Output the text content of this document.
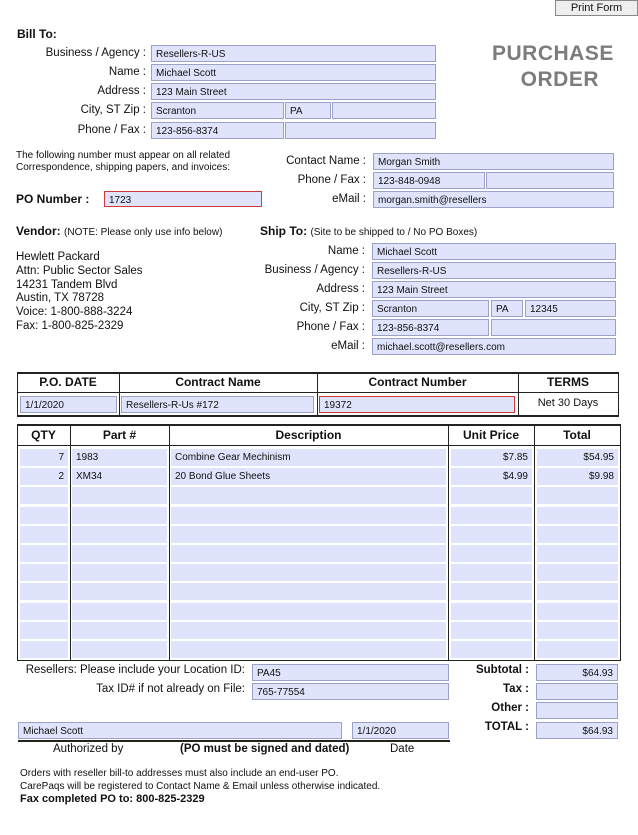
Print Form
PURCHASE
ORDER
Bill To:
Business / Agency :	Resellers-R-US
Name :	Michael Scott
Address :	123 Main Street
City, ST Zip :	Scranton	PA
Phone / Fax :	123-856-8374
The following number must appear on all related Correspondence, shipping papers, and invoices:
PO Number :	1723
Contact Name :	Morgan Smith
Phone / Fax :	123-848-0948
eMail :	morgan.smith@resellers
Vendor: (NOTE: Please only use info below)
Hewlett Packard
Attn: Public Sector Sales
14231 Tandem Blvd
Austin, TX 78728
Voice: 1-800-888-3224
Fax: 1-800-825-2329
Ship To: (Site to be shipped to / No PO Boxes)
Name :	Michael Scott
Business / Agency :	Resellers-R-US
Address :	123 Main Street
City, ST Zip :	Scranton	PA	12345
Phone / Fax :	123-856-8374
eMail :	michael.scott@resellers.com
P.O. DATE	Contract Name	Contract Number	TERMS
1/1/2020	Resellers-R-Us #172	19372	Net 30 Days
QTY	Part #	Description	Unit Price	Total
7	1983	Combine Gear Mechinism	$7.85	$54.95
2	XM34	20 Bond Glue Sheets	$4.99	$9.98
Resellers: Please include your Location ID:	PA45
Tax ID# if not already on File:	765-77554
Subtotal :	$64.93
Tax :
Other :
TOTAL :	$64.93
Michael Scott	1/1/2020
Authorized by	(PO must be signed and dated)	Date
Orders with reseller bill-to addresses must also include an end-user PO.
CarePaqs will be registered to Contact Name & Email unless otherwise indicated.
Fax completed PO to: 800-825-2329
